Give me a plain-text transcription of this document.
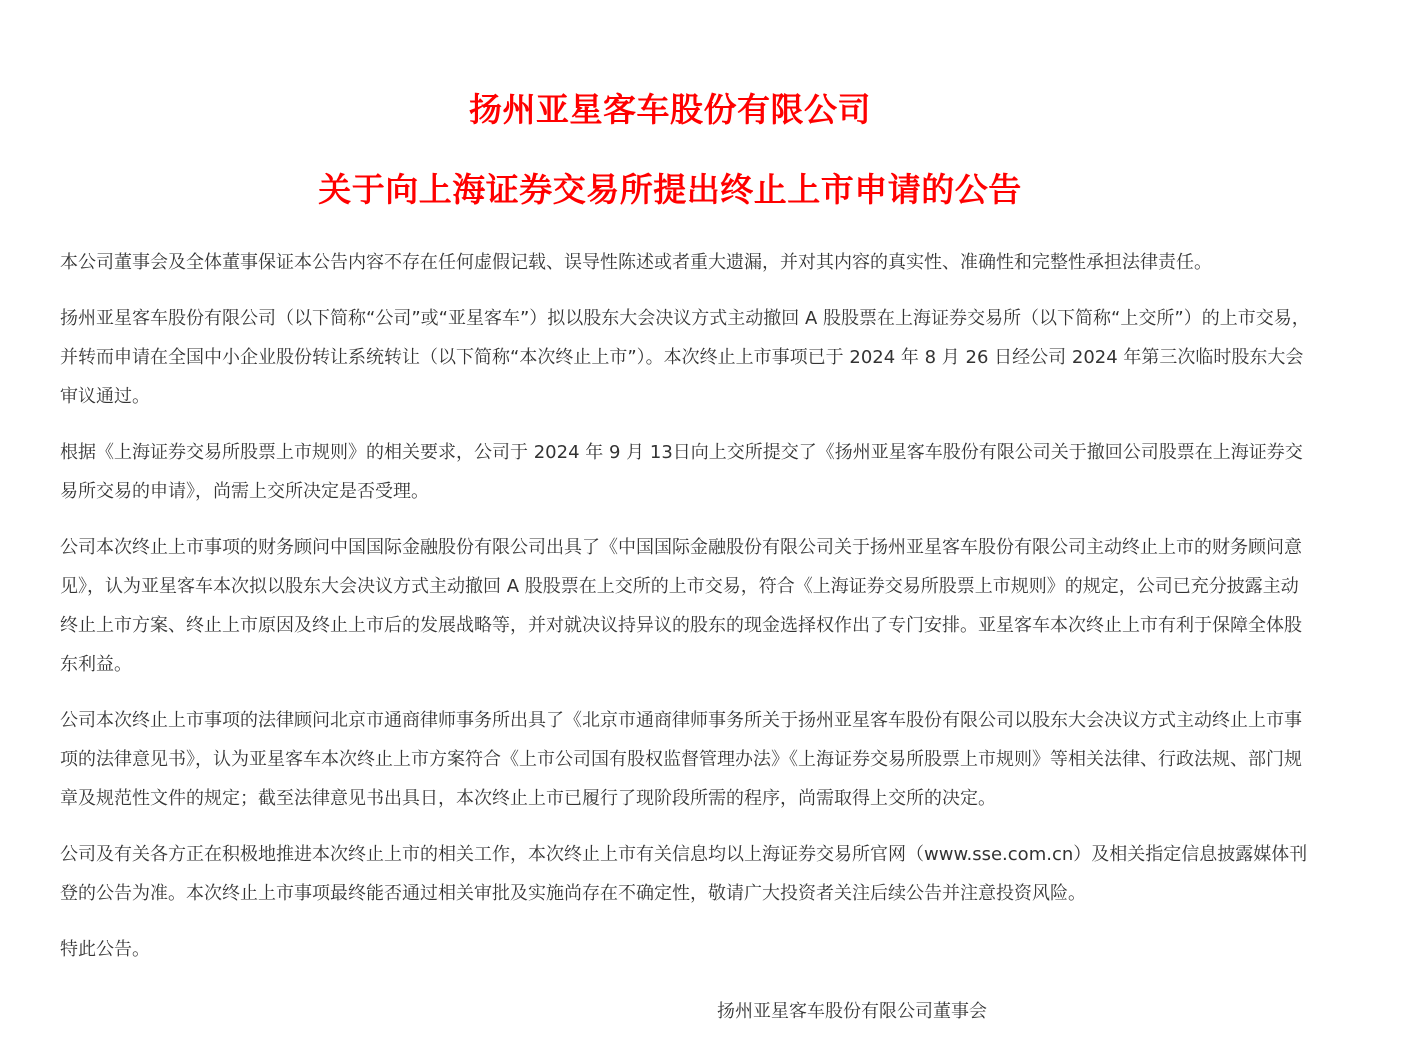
扬州亚星客车股份有限公司
关于向上海证券交易所提出终止上市申请的公告

本公司董事会及全体董事保证本公告内容不存在任何虚假记载、误导性陈述或者重大遗漏，并对其内容的真实性、准确性和完整性承担法律责任。

扬州亚星客车股份有限公司（以下简称“公司”或“亚星客车”）拟以股东大会决议方式主动撤回 A 股股票在上海证券交易所（以下简称“上交所”）的上市交易，并转而申请在全国中小企业股份转让系统转让（以下简称“本次终止上市”）。本次终止上市事项已于 2024 年 8 月 26 日经公司 2024 年第三次临时股东大会审议通过。

根据《上海证券交易所股票上市规则》的相关要求，公司于 2024 年 9 月 13日向上交所提交了《扬州亚星客车股份有限公司关于撤回公司股票在上海证券交易所交易的申请》，尚需上交所决定是否受理。

公司本次终止上市事项的财务顾问中国国际金融股份有限公司出具了《中国国际金融股份有限公司关于扬州亚星客车股份有限公司主动终止上市的财务顾问意见》，认为亚星客车本次拟以股东大会决议方式主动撤回 A 股股票在上交所的上市交易，符合《上海证券交易所股票上市规则》的规定，公司已充分披露主动终止上市方案、终止上市原因及终止上市后的发展战略等，并对就决议持异议的股东的现金选择权作出了专门安排。亚星客车本次终止上市有利于保障全体股东利益。

公司本次终止上市事项的法律顾问北京市通商律师事务所出具了《北京市通商律师事务所关于扬州亚星客车股份有限公司以股东大会决议方式主动终止上市事项的法律意见书》，认为亚星客车本次终止上市方案符合《上市公司国有股权监督管理办法》《上海证券交易所股票上市规则》等相关法律、行政法规、部门规章及规范性文件的规定；截至法律意见书出具日，本次终止上市已履行了现阶段所需的程序，尚需取得上交所的决定。

公司及有关各方正在积极地推进本次终止上市的相关工作，本次终止上市有关信息均以上海证券交易所官网（www.sse.com.cn）及相关指定信息披露媒体刊登的公告为准。本次终止上市事项最终能否通过相关审批及实施尚存在不确定性，敬请广大投资者关注后续公告并注意投资风险。

特此公告。

扬州亚星客车股份有限公司董事会
